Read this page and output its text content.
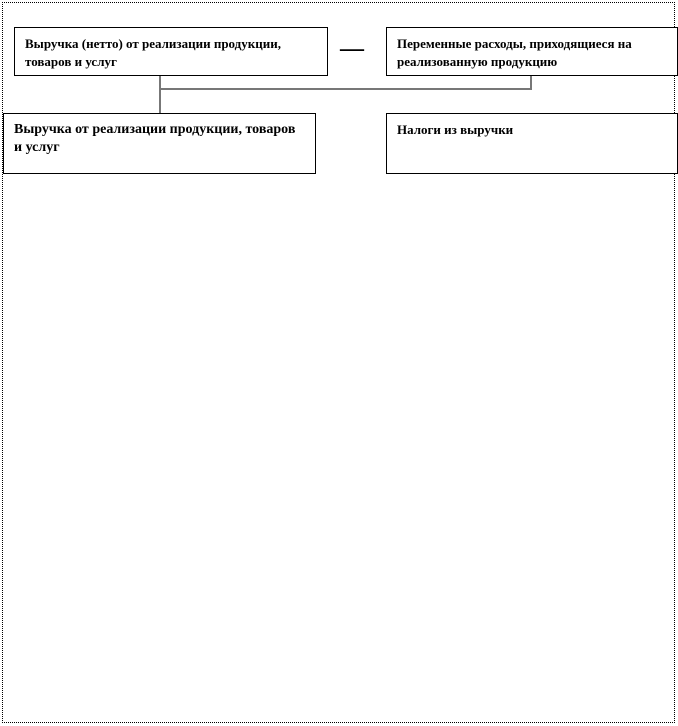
Выручка (нетто) от реализации продукции, товаров и услуг	—	Переменные расходы, приходящиеся на реализованную продукцию
Выручка от реализации продукции, товаров и услуг
Налоги из выручки
